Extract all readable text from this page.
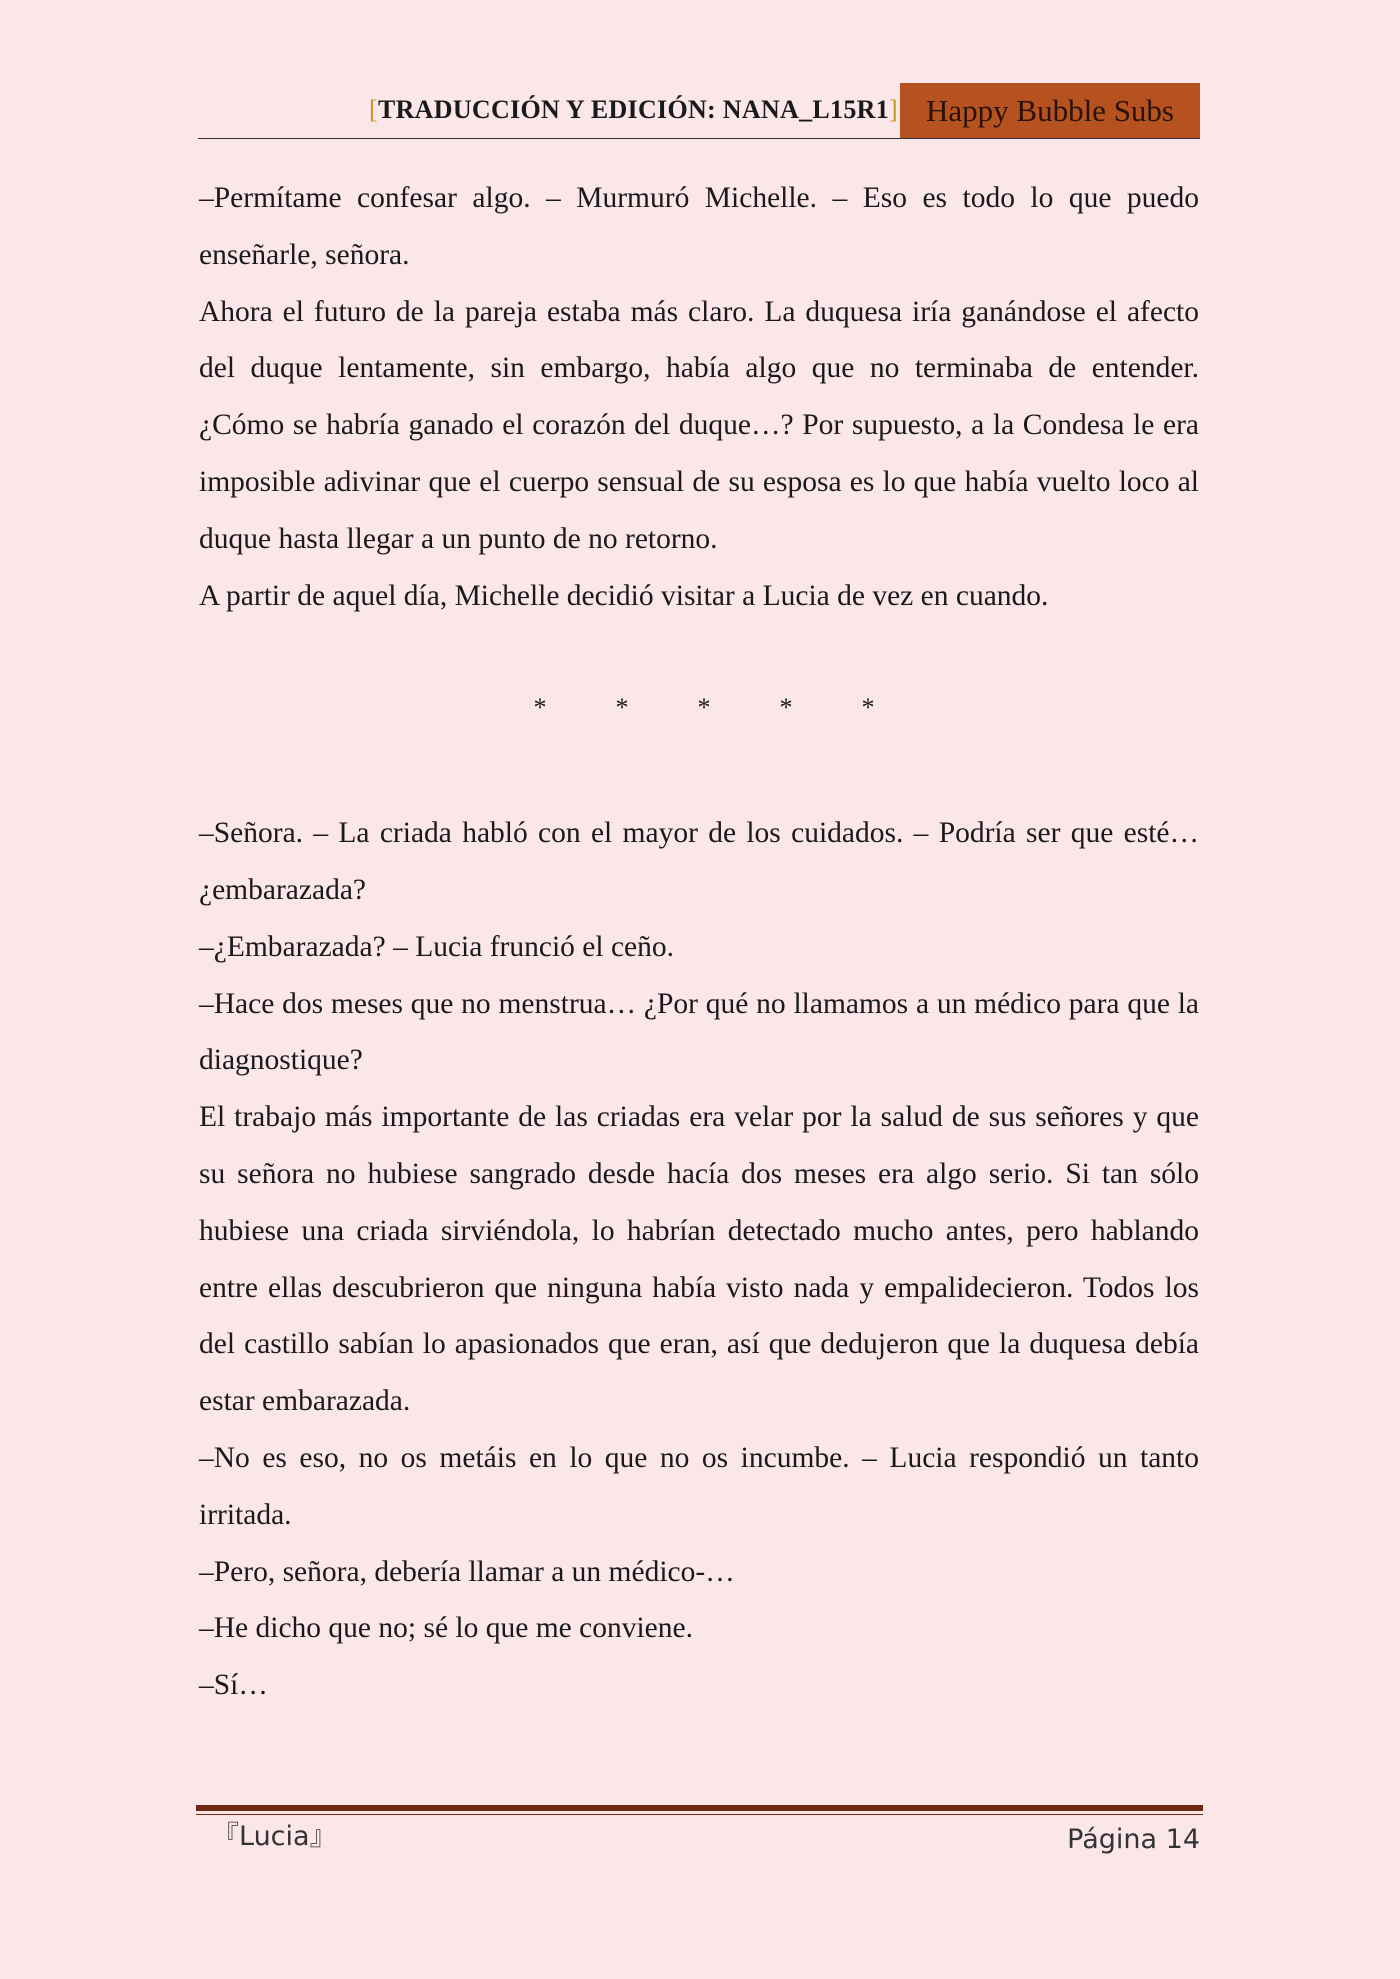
[TRADUCCIÓN Y EDICIÓN: NANA_L15R1] Happy Bubble Subs

–Permítame confesar algo. – Murmuró Michelle. – Eso es todo lo que puedo enseñarle, señora.

Ahora el futuro de la pareja estaba más claro. La duquesa iría ganándose el afecto del duque lentamente, sin embargo, había algo que no terminaba de entender. ¿Cómo se habría ganado el corazón del duque…? Por supuesto, a la Condesa le era imposible adivinar que el cuerpo sensual de su esposa es lo que había vuelto loco al duque hasta llegar a un punto de no retorno.

A partir de aquel día, Michelle decidió visitar a Lucia de vez en cuando.

*	*	*	*	*

–Señora. – La criada habló con el mayor de los cuidados. – Podría ser que esté… ¿embarazada?

–¿Embarazada? – Lucia frunció el ceño.

–Hace dos meses que no menstrua… ¿Por qué no llamamos a un médico para que la diagnostique?

El trabajo más importante de las criadas era velar por la salud de sus señores y que su señora no hubiese sangrado desde hacía dos meses era algo serio. Si tan sólo hubiese una criada sirviéndola, lo habrían detectado mucho antes, pero hablando entre ellas descubrieron que ninguna había visto nada y empalidecieron. Todos los del castillo sabían lo apasionados que eran, así que dedujeron que la duquesa debía estar embarazada.

–No es eso, no os metáis en lo que no os incumbe. – Lucia respondió un tanto irritada.

–Pero, señora, debería llamar a un médico-…

–He dicho que no; sé lo que me conviene.

–Sí…

『Lucia』	Página 14
